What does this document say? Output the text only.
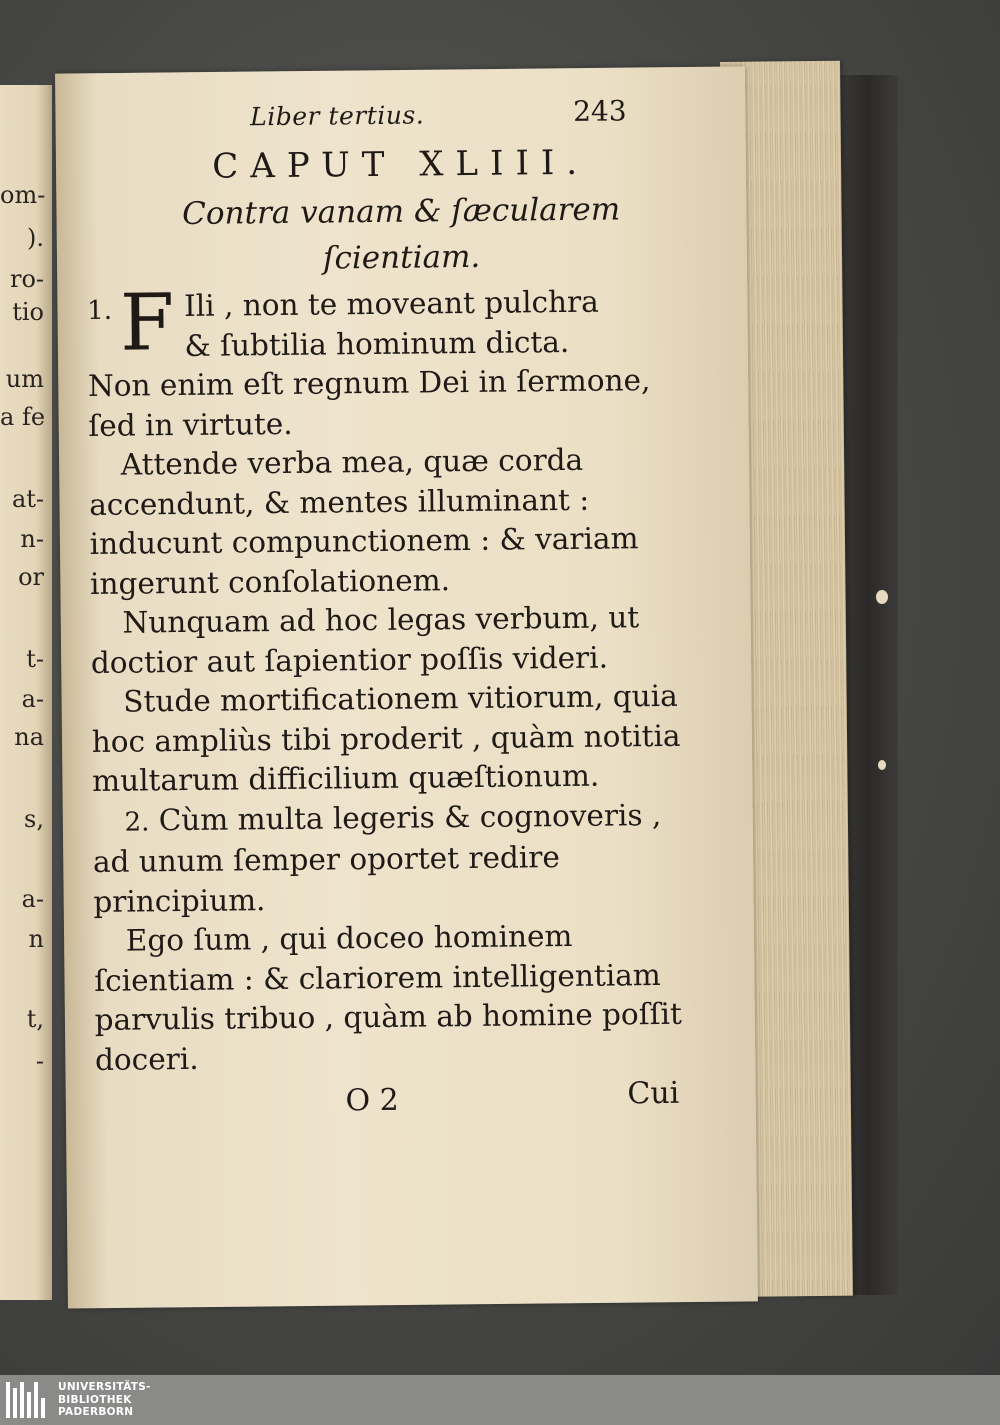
om-
).
ro-
tio
um
a fe
at-
n-
or
t-
a-
na
s,
a-
n
t,
-
Liber tertius.	243
CAPUT XLIII.
Contra vanam & ſæcularem
ſcientiam.

1. F Ili , non te moveant pulchra
& ſubtilia hominum dicta.
Non enim eſt regnum Dei in ſermone, ſed in virtute.

Attende verba mea, quæ corda accendunt, & mentes illuminant : inducunt compunctionem : & variam ingerunt conſolationem.

Nunquam ad hoc legas verbum, ut doctior aut ſapientior poſſis videri.

Stude mortificationem vitiorum, quia hoc ampliùs tibi proderit , quàm notitia multarum difficilium quæſtionum.

2. Cùm multa legeris & cognoveris , ad unum ſemper oportet redire principium.

Ego ſum , qui doceo hominem ſcientiam : & clariorem intelligentiam parvulis tribuo , quàm ab homine poſſit doceri.

O 2	Cui
UNIVERSITÄTS-
BIBLIOTHEK
PADERBORN
